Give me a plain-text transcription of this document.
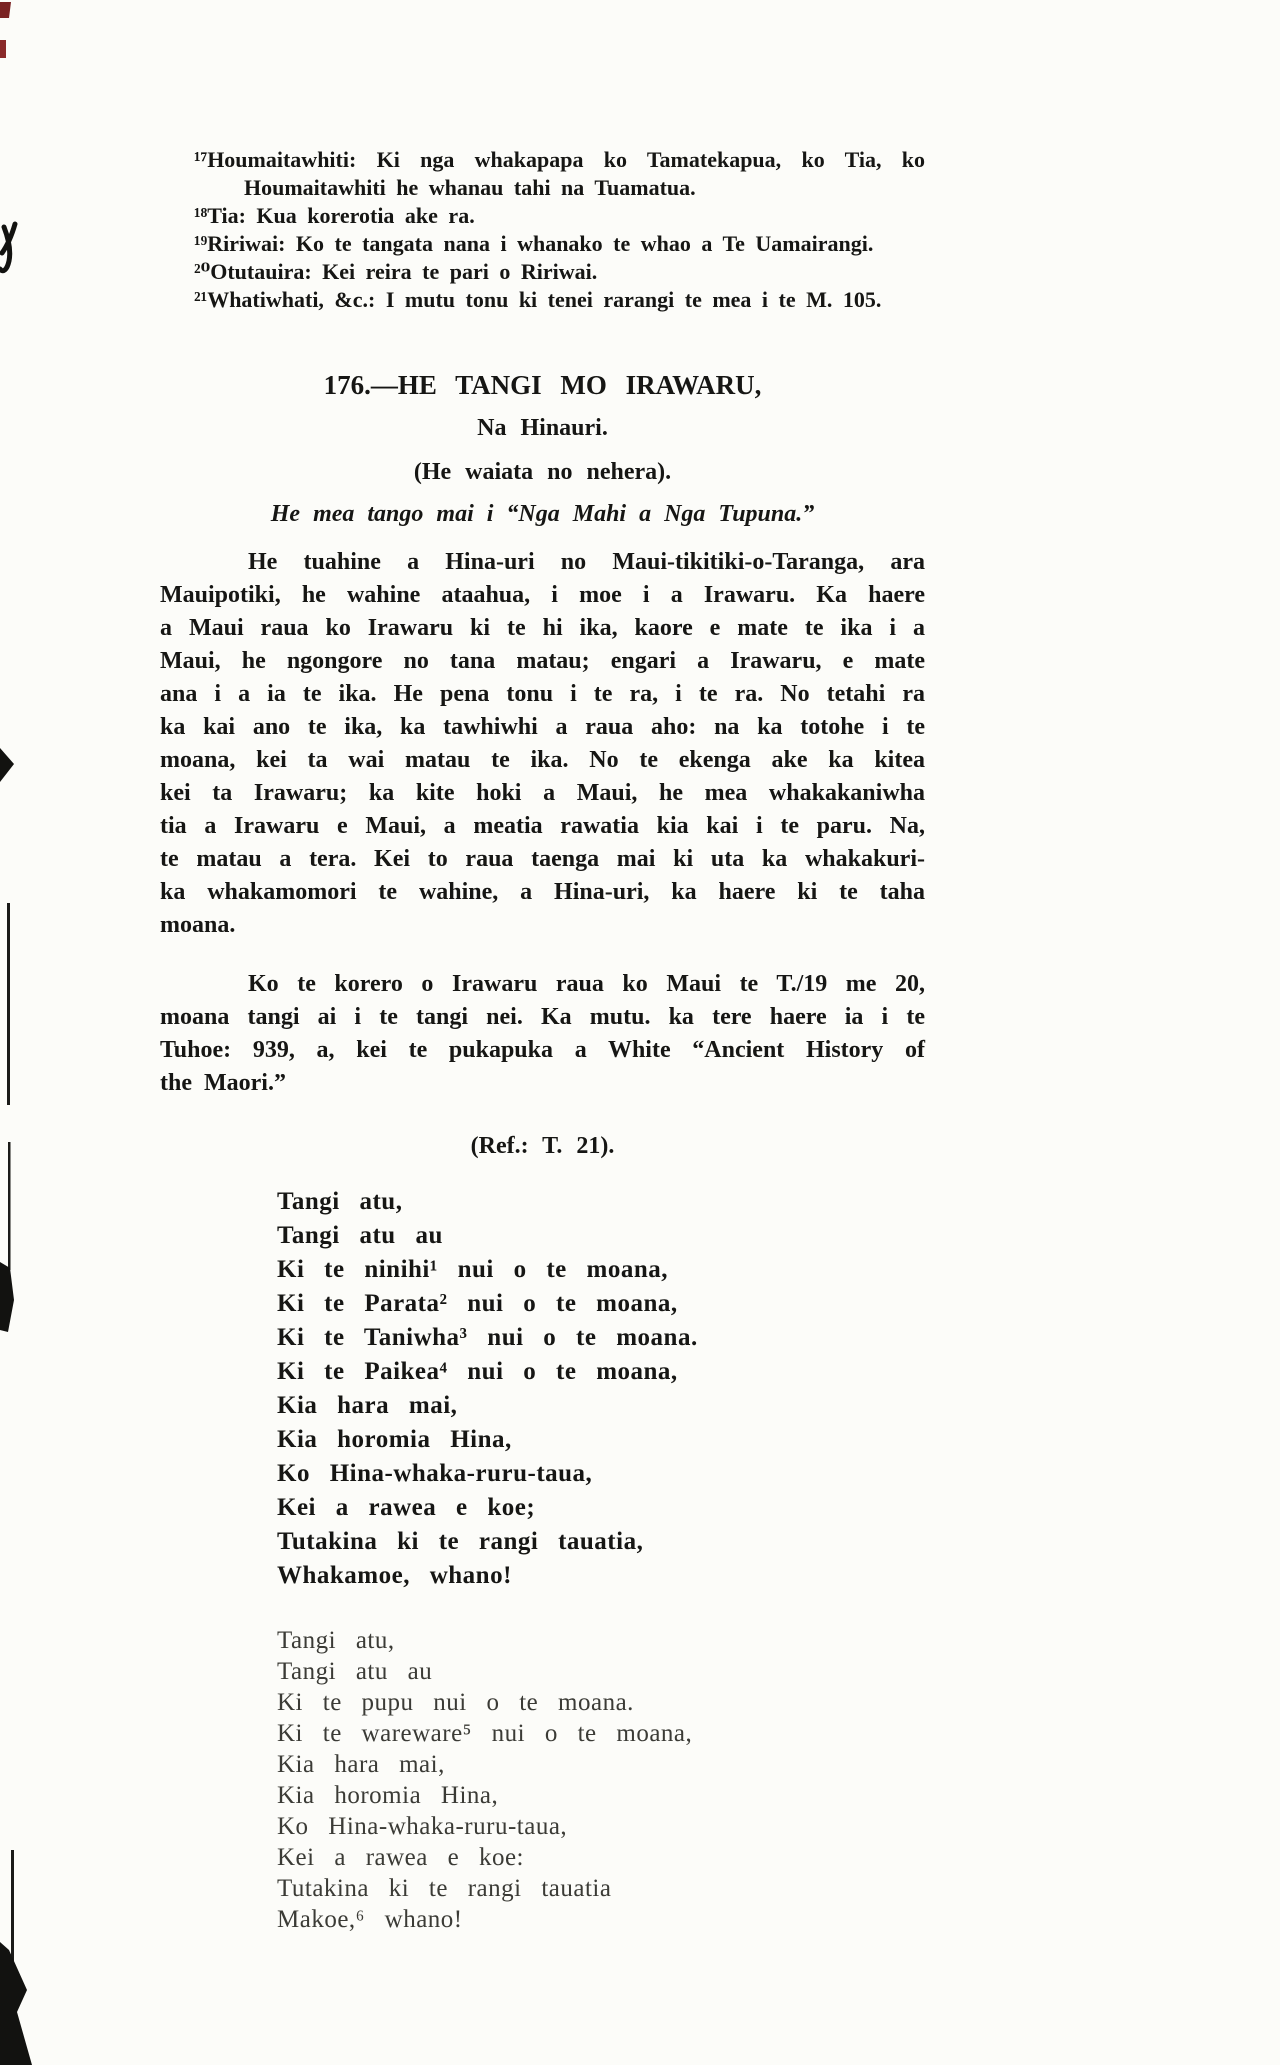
¹⁷Houmaitawhiti: Ki nga whakapapa ko Tamatekapua, ko Tia, ko
Houmaitawhiti he whanau tahi na Tuamatua.
¹⁸Tia: Kua korerotia ake ra.
¹⁹Ririwai: Ko te tangata nana i whanako te whao a Te Uamairangi.
²⁰Otutauira: Kei reira te pari o Ririwai.
²¹Whatiwhati, &c.: I mutu tonu ki tenei rarangi te mea i te M. 105.
176.—HE TANGI MO IRAWARU,
Na Hinauri.
(He waiata no nehera).
He mea tango mai i “Nga Mahi a Nga Tupuna.”
He tuahine a Hina-uri no Maui-tikitiki-o-Taranga, ara
Mauipotiki, he wahine ataahua, i moe i a Irawaru. Ka haere
a Maui raua ko Irawaru ki te hi ika, kaore e mate te ika i a
Maui, he ngongore no tana matau; engari a Irawaru, e mate
ana i a ia te ika. He pena tonu i te ra, i te ra. No tetahi ra
ka kai ano te ika, ka tawhiwhi a raua aho: na ka totohe i te
moana, kei ta wai matau te ika. No te ekenga ake ka kitea
kei ta Irawaru; ka kite hoki a Maui, he mea whakakaniwha
tia a Irawaru e Maui, a meatia rawatia kia kai i te paru. Na,
te matau a tera. Kei to raua taenga mai ki uta ka whakakuri-
ka whakamomori te wahine, a Hina-uri, ka haere ki te taha
moana.
Ko te korero o Irawaru raua ko Maui te T./19 me 20,
moana tangi ai i te tangi nei. Ka mutu. ka tere haere ia i te
Tuhoe: 939, a, kei te pukapuka a White “Ancient History of
the Maori.”
(Ref.: T. 21).
Tangi atu,
Tangi atu au
Ki te ninihi¹ nui o te moana,
Ki te Parata² nui o te moana,
Ki te Taniwha³ nui o te moana.
Ki te Paikea⁴ nui o te moana,
Kia hara mai,
Kia horomia Hina,
Ko Hina-whaka-ruru-taua,
Kei a rawea e koe;
Tutakina ki te rangi tauatia,
Whakamoe, whano!
Tangi atu,
Tangi atu au
Ki te pupu nui o te moana.
Ki te wareware⁵ nui o te moana,
Kia hara mai,
Kia horomia Hina,
Ko Hina-whaka-ruru-taua,
Kei a rawea e koe:
Tutakina ki te rangi tauatia
Makoe,⁶ whano!
